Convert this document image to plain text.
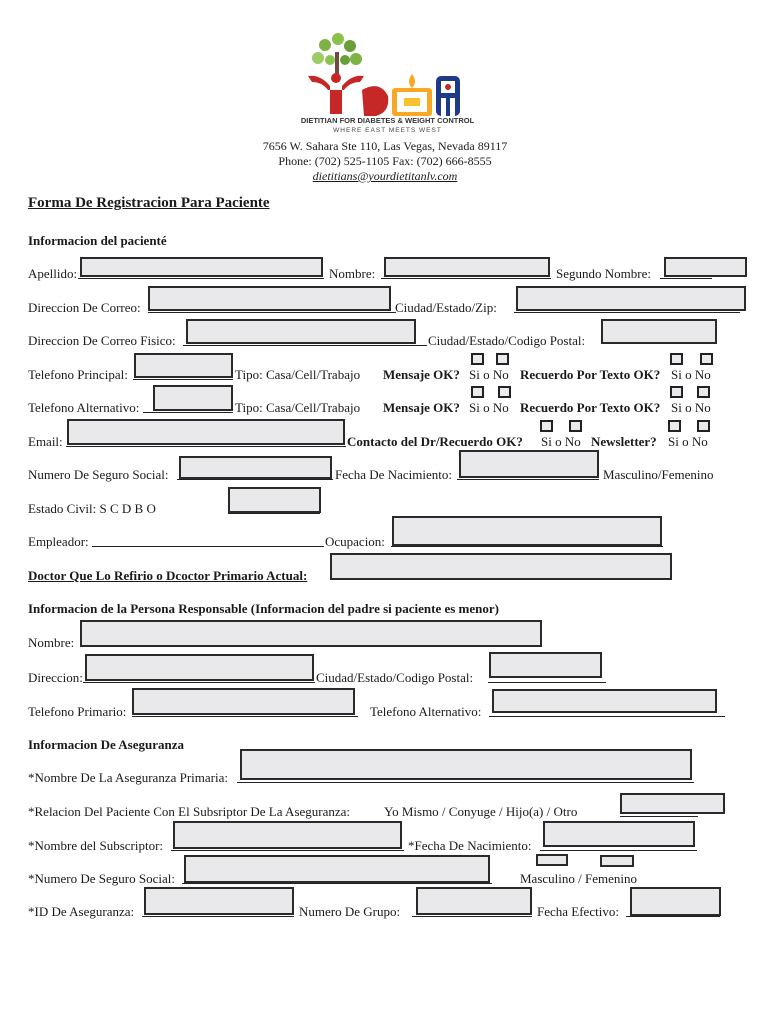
DIETITIAN FOR DIABETES & WEIGHT CONTROL
WHERE EAST MEETS WEST
7656 W. Sahara Ste 110, Las Vegas, Nevada 89117
Phone: (702) 525-1105 Fax: (702) 666-8555
dietitians@yourdietitanlv.com
Forma De Registracion Para Paciente
Informacion del pacienté
Apellido:	Nombre:	Segundo Nombre:
Direccion De Correo:	Ciudad/Estado/Zip:
Direccion De Correo Fisico:	Ciudad/Estado/Codigo Postal:
Telefono Principal:	Tipo: Casa/Cell/Trabajo Mensaje OK? Si o No Recuerdo Por Texto OK? Si o No
Telefono Alternativo:	Tipo: Casa/Cell/Trabajo Mensaje OK? Si o No Recuerdo Por Texto OK? Si o No
Email:	Contacto del Dr/Recuerdo OK? Si o No Newsletter? Si o No
Numero De Seguro Social:	Fecha De Nacimiento:	Masculino/Femenino
Estado Civil: S C D B O
Empleador:	Ocupacion:
Doctor Que Lo Refirio o Dcoctor Primario Actual:
Informacion de la Persona Responsable (Informacion del padre si paciente es menor)
Nombre:
Direccion:	Ciudad/Estado/Codigo Postal:
Telefono Primario:	Telefono Alternativo:
Informacion De Aseguranza
*Nombre De La Aseguranza Primaria:
*Relacion Del Paciente Con El Subsriptor De La Aseguranza:	Yo Mismo / Conyuge / Hijo(a) / Otro
*Nombre del Subscriptor:	*Fecha De Nacimiento:
*Numero De Seguro Social:	Masculino / Femenino
*ID De Aseguranza:	Numero De Grupo:	Fecha Efectivo:
